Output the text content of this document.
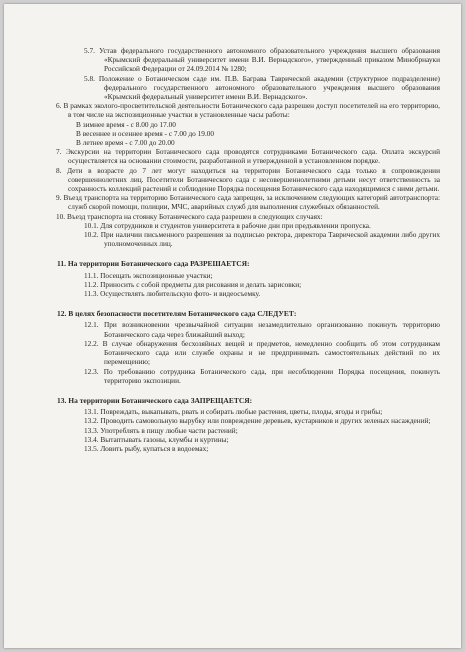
5.7. Устав федерального государственного автономного образовательного учреждения высшего образования «Крымский федеральный университет имени В.И. Вернадского», утвержденный приказом Минобрнауки Российской Федерации от 24.09.2014 № 1280;

5.8. Положение о Ботаническом саде им. П.В. Баграва Таврической академии (структурное подразделение) федерального государственного автономного образовательного учреждения высшего образования «Крымский федеральный университет имени В.И. Вернадского».

6. В рамках эколого-просветительской деятельности Ботанического сада разрешен доступ посетителей на его территорию, в том числе на экспозиционные участки в установленные часы работы:

В зимнее время - с 8.00 до 17.00

В весеннее и осеннее время - с 7.00 до 19.00

В летнее время - с 7.00 до 20.00

7. Экскурсии на территории Ботанического сада проводятся сотрудниками Ботанического сада. Оплата экскурсий осуществляется на основании стоимости, разработанной и утвержденной в установленном порядке.

8. Дети в возрасте до 7 лет могут находиться на территории Ботанического сада только в сопровождении совершеннолетних лиц. Посетители Ботанического сада с несовершеннолетними детьми несут ответственность за сохранность коллекций растений и соблюдение Порядка посещения Ботанического сада находящимися с ними детьми.

9. Въезд транспорта на территорию Ботанического сада запрещен, за исключением следующих категорий автотранспорта: служб скорой помощи, полиции, МЧС, аварийных служб для выполнения служебных обязанностей.

10. Въезд транспорта на стоянку Ботанического сада разрешен в следующих случаях:

10.1. Для сотрудников и студентов университета в рабочие дни при предъявлении пропуска.

10.2. При наличии письменного разрешения за подписью ректора, директора Таврической академии либо других уполномоченных лиц.

11. На территории Ботанического сада РАЗРЕШАЕТСЯ:

11.1. Посещать экспозиционные участки;

11.2. Приносить с собой предметы для рисования и делать зарисовки;

11.3. Осуществлять любительскую фото- и видеосъемку.

12. В целях безопасности посетителям Ботанического сада СЛЕДУЕТ:

12.1. При возникновении чрезвычайной ситуации незамедлительно организованно покинуть территорию Ботанического сада через ближайший выход;

12.2. В случае обнаружения бесхозяйных вещей и предметов, немедленно сообщить об этом сотрудникам Ботанического сада или службе охраны и не предпринимать самостоятельных действий по их перемещению;

12.3. По требованию сотрудника Ботанического сада, при несоблюдении Порядка посещения, покинуть территорию экспозиции.

13. На территории Ботанического сада ЗАПРЕЩАЕТСЯ:

13.1. Повреждать, выкапывать, рвать и собирать любые растения, цветы, плоды, ягоды и грибы;

13.2. Проводить самовольную вырубку или повреждение деревьев, кустарников и других зеленых насаждений;

13.3. Употреблять в пищу любые части растений;

13.4. Вытаптывать газоны, клумбы и куртины;

13.5. Ловить рыбу, купаться в водоемах;
